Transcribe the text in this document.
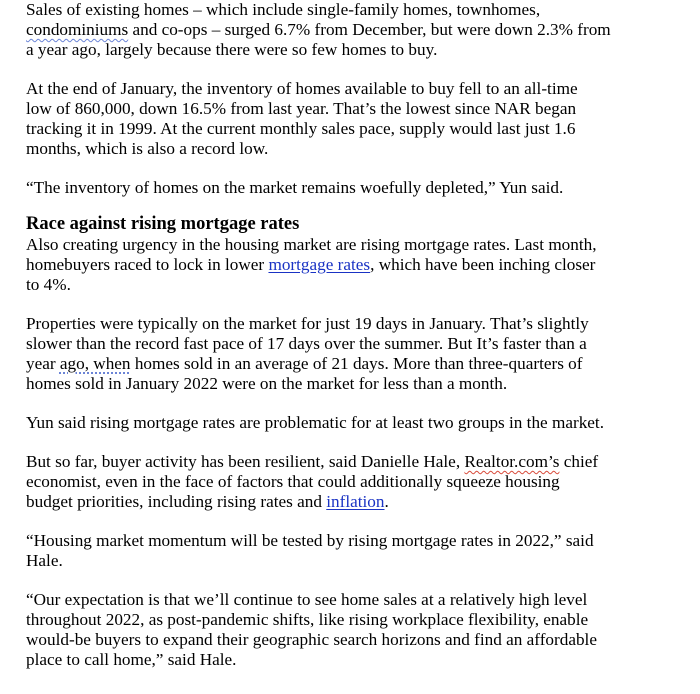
Sales of existing homes – which include single-family homes, townhomes,
condominiums and co-ops – surged 6.7% from December, but were down 2.3% from
a year ago, largely because there were so few homes to buy.

At the end of January, the inventory of homes available to buy fell to an all-time
low of 860,000, down 16.5% from last year. That’s the lowest since NAR began
tracking it in 1999. At the current monthly sales pace, supply would last just 1.6
months, which is also a record low.

“The inventory of homes on the market remains woefully depleted,” Yun said.

Race against rising mortgage rates

Also creating urgency in the housing market are rising mortgage rates. Last month,
homebuyers raced to lock in lower mortgage rates, which have been inching closer
to 4%.

Properties were typically on the market for just 19 days in January. That’s slightly
slower than the record fast pace of 17 days over the summer. But It’s faster than a
year ago, when homes sold in an average of 21 days. More than three-quarters of
homes sold in January 2022 were on the market for less than a month.

Yun said rising mortgage rates are problematic for at least two groups in the market.

But so far, buyer activity has been resilient, said Danielle Hale, Realtor.com’s chief
economist, even in the face of factors that could additionally squeeze housing
budget priorities, including rising rates and inflation.

“Housing market momentum will be tested by rising mortgage rates in 2022,” said
Hale.

“Our expectation is that we’ll continue to see home sales at a relatively high level
throughout 2022, as post-pandemic shifts, like rising workplace flexibility, enable
would-be buyers to expand their geographic search horizons and find an affordable
place to call home,” said Hale.
